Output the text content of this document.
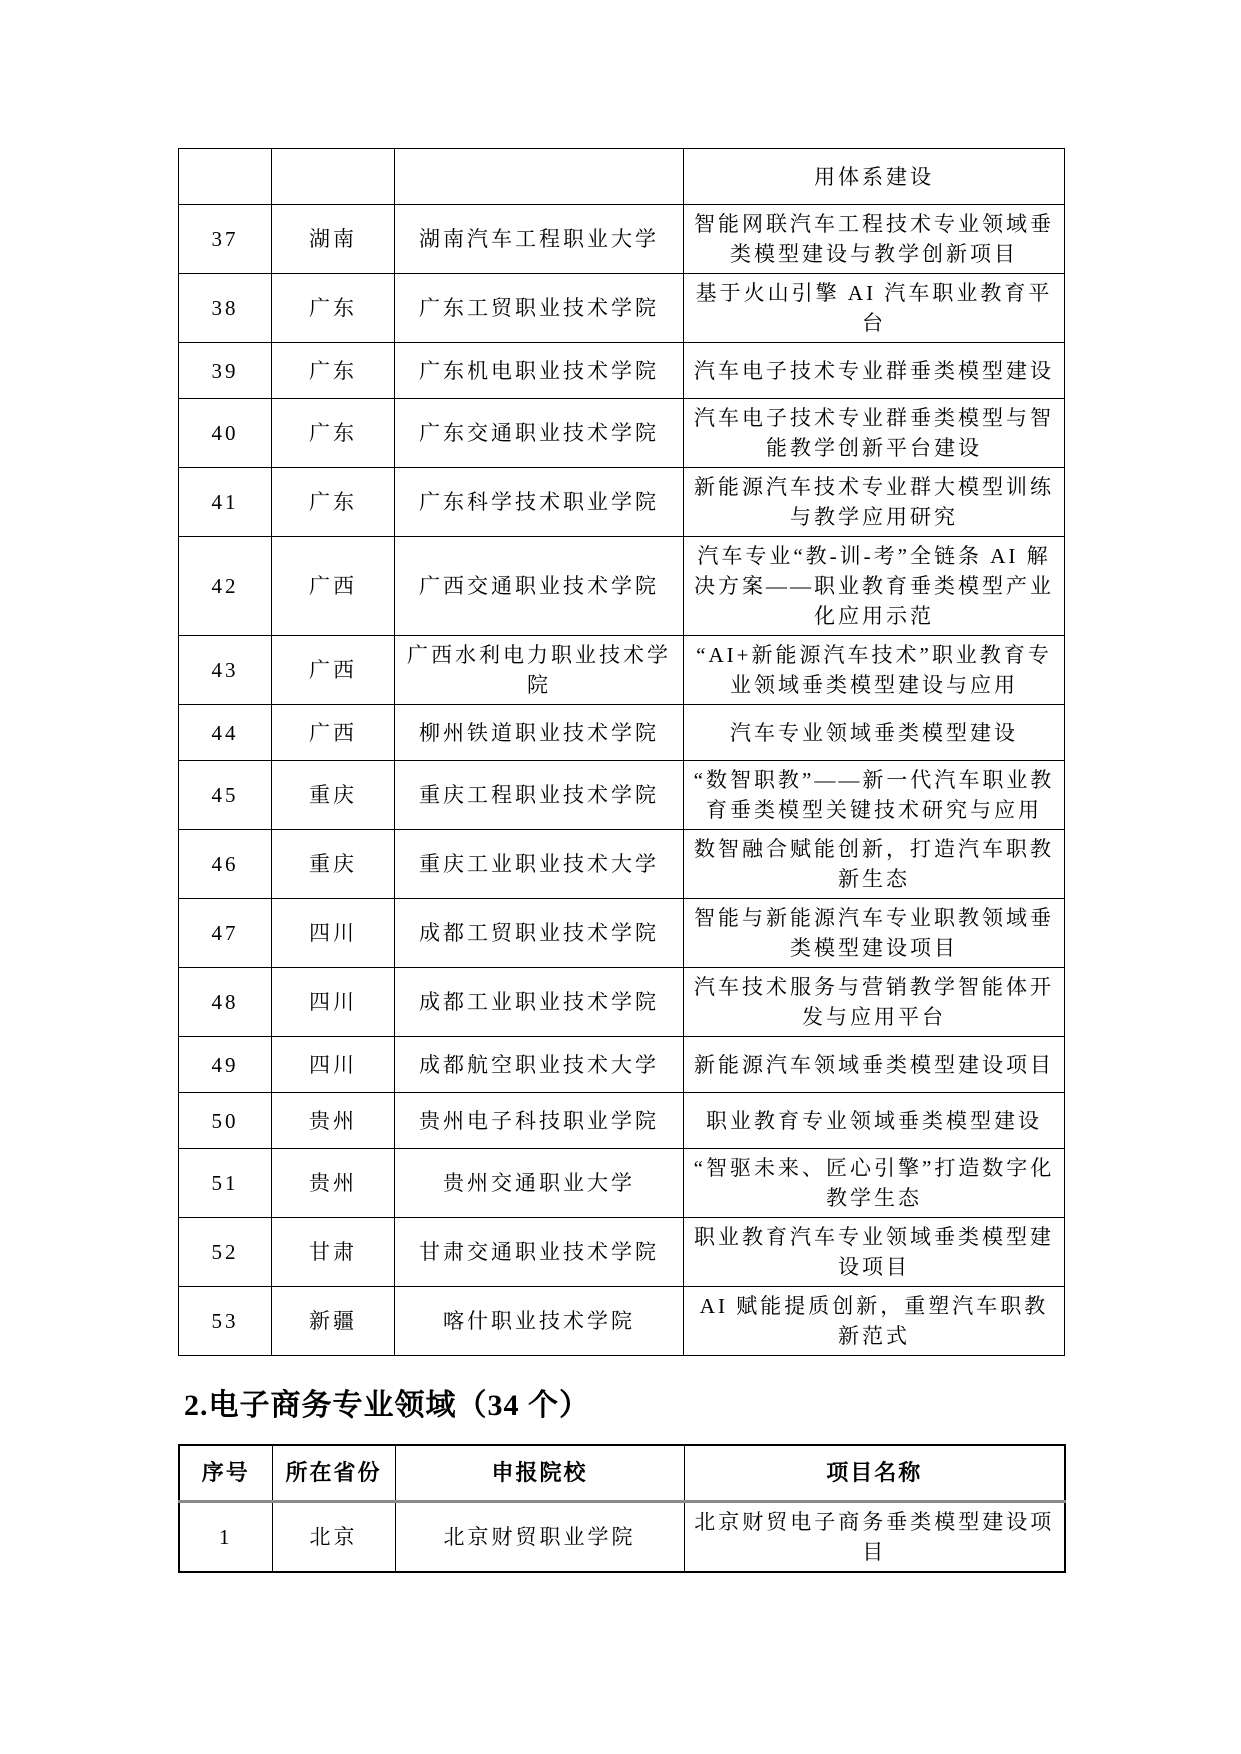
			用体系建设
37	湖南	湖南汽车工程职业大学	智能网联汽车工程技术专业领域垂类模型建设与教学创新项目
38	广东	广东工贸职业技术学院	基于火山引擎 AI 汽车职业教育平台
39	广东	广东机电职业技术学院	汽车电子技术专业群垂类模型建设
40	广东	广东交通职业技术学院	汽车电子技术专业群垂类模型与智能教学创新平台建设
41	广东	广东科学技术职业学院	新能源汽车技术专业群大模型训练与教学应用研究
42	广西	广西交通职业技术学院	汽车专业“教-训-考”全链条 AI 解决方案——职业教育垂类模型产业化应用示范
43	广西	广西水利电力职业技术学院	“AI+新能源汽车技术”职业教育专业领域垂类模型建设与应用
44	广西	柳州铁道职业技术学院	汽车专业领域垂类模型建设
45	重庆	重庆工程职业技术学院	“数智职教”——新一代汽车职业教育垂类模型关键技术研究与应用
46	重庆	重庆工业职业技术大学	数智融合赋能创新，打造汽车职教新生态
47	四川	成都工贸职业技术学院	智能与新能源汽车专业职教领域垂类模型建设项目
48	四川	成都工业职业技术学院	汽车技术服务与营销教学智能体开发与应用平台
49	四川	成都航空职业技术大学	新能源汽车领域垂类模型建设项目
50	贵州	贵州电子科技职业学院	职业教育专业领域垂类模型建设
51	贵州	贵州交通职业大学	“智驱未来、匠心引擎”打造数字化教学生态
52	甘肃	甘肃交通职业技术学院	职业教育汽车专业领域垂类模型建设项目
53	新疆	喀什职业技术学院	AI 赋能提质创新，重塑汽车职教新范式
2.电子商务专业领域（34 个）
序号	所在省份	申报院校	项目名称
1	北京	北京财贸职业学院	北京财贸电子商务垂类模型建设项目
